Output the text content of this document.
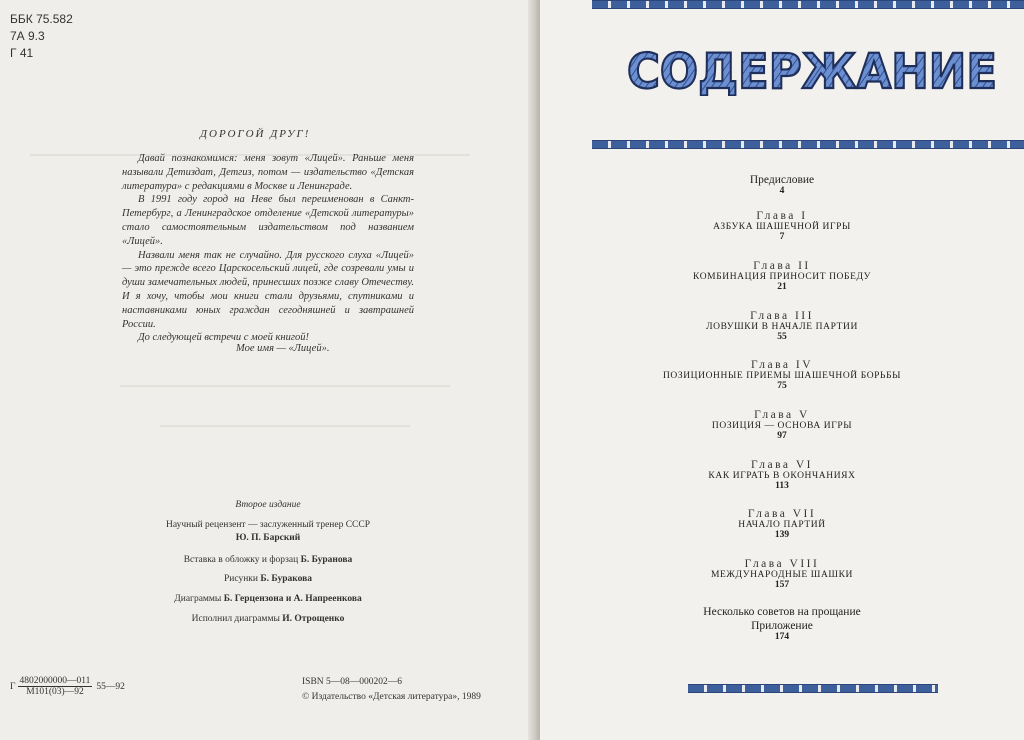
ББК 75.582
7А 9.3
Г 41
ДОРОГОЙ ДРУГ!

Давай познакомимся: меня зовут «Лицей». Раньше меня называли Детиздат, Детгиз, потом — издательство «Детская литература» с редакциями в Москве и Ленинграде.

В 1991 году город на Неве был переименован в Санкт-Петербург, а Ленинградское отделение «Детской литературы» стало самостоятельным издательством под названием «Лицей».

Назвали меня так не случайно. Для русского слуха «Лицей» — это прежде всего Царскосельский лицей, где созревали умы и души замечательных людей, принесших позже славу Отечеству. И я хочу, чтобы мои книги стали друзьями, спутниками и наставниками юных граждан сегодняшней и завтрашней России.

До следующей встречи с моей книгой!

Мое имя — «Лицей».
Второе издание
Научный рецензент — заслуженный тренер СССР
Ю. П. Барский
Вставка в обложку и форзац Б. Буранова
Рисунки Б. Буракова
Диаграммы Б. Герцензона и А. Напреенкова
Исполнил диаграммы И. Отрощенко
Г $\frac{4802000000—011}{М101(03)—92}$ 55—92	ISBN 5—08—000202—6
© Издательство «Детская литература», 1989
СОДЕРЖАНИЕ
Предисловие
4
Глава I
АЗБУКА ШАШЕЧНОЙ ИГРЫ
7
Глава II
КОМБИНАЦИЯ ПРИНОСИТ ПОБЕДУ
21
Глава III
ЛОВУШКИ В НАЧАЛЕ ПАРТИИ
55
Глава IV
ПОЗИЦИОННЫЕ ПРИЕМЫ ШАШЕЧНОЙ БОРЬБЫ
75
Глава V
ПОЗИЦИЯ — ОСНОВА ИГРЫ
97
Глава VI
КАК ИГРАТЬ В ОКОНЧАНИЯХ
113
Глава VII
НАЧАЛО ПАРТИЙ
139
Глава VIII
МЕЖДУНАРОДНЫЕ ШАШКИ
157
Несколько советов на прощание
Приложение
174
